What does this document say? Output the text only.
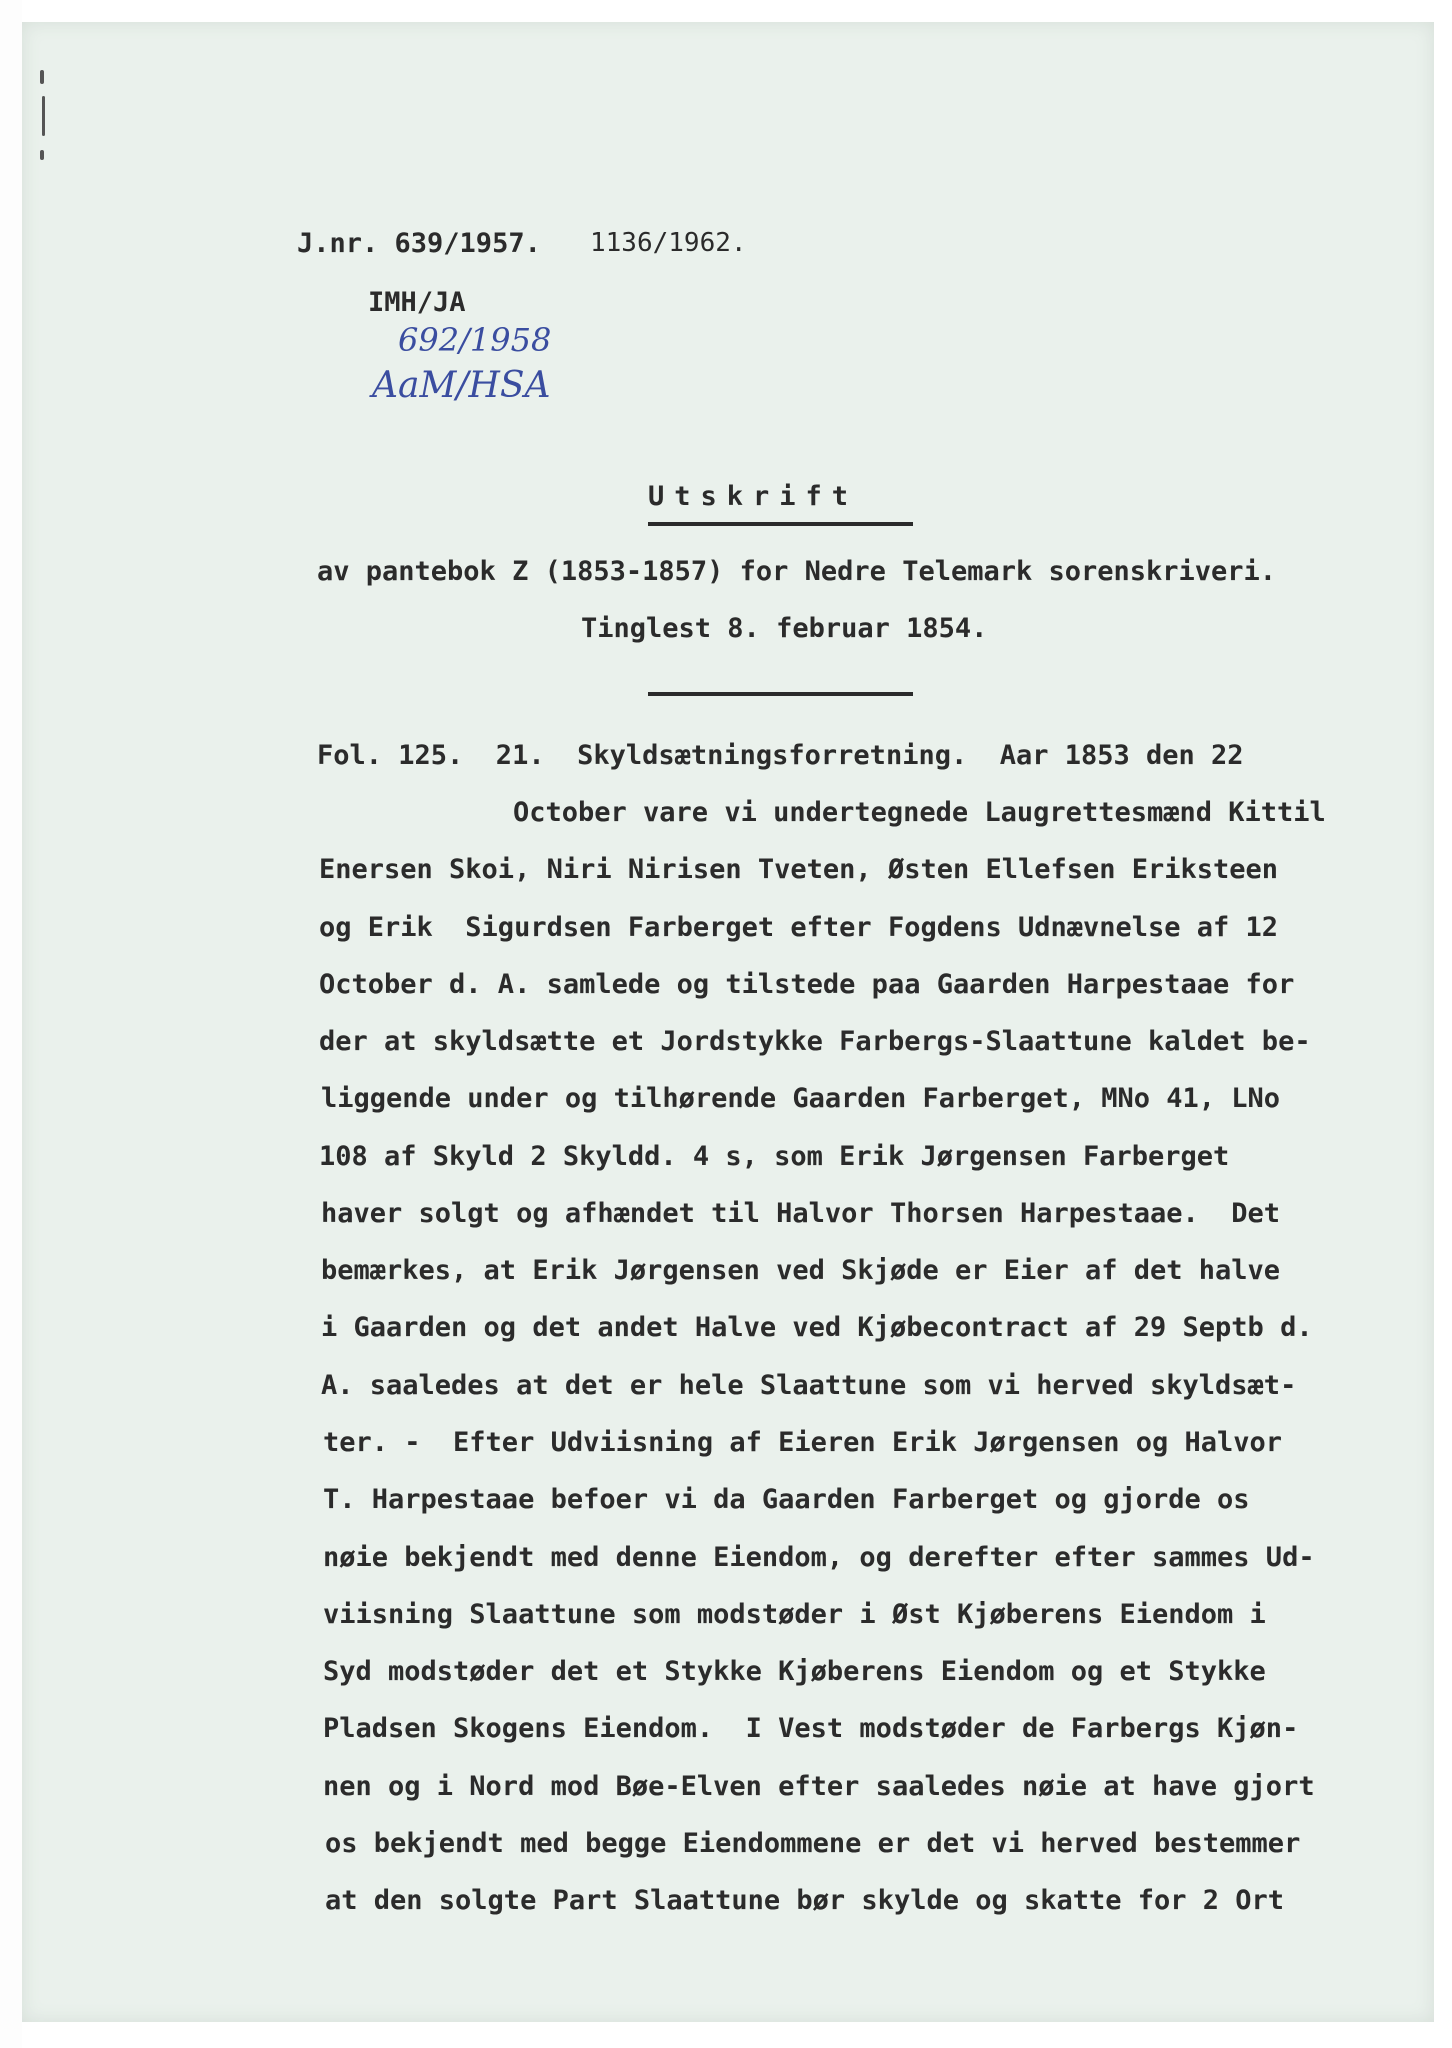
J.nr. 639/1957. 1136/1962.
IMH/JA
692/1958
AaM/HSA
Utskrift
av pantebok Z (1853-1857) for Nedre Telemark sorenskriveri.
Tinglest 8. februar 1854.
Fol. 125.  21.  Skyldsætningsforretning.  Aar 1853 den 22
October vare vi undertegnede Laugrettesmænd Kittil
Enersen Skoi, Niri Nirisen Tveten, Østen Ellefsen Eriksteen
og Erik  Sigurdsen Farberget efter Fogdens Udnævnelse af 12
October d. A. samlede og tilstede paa Gaarden Harpestaae for
der at skyldsætte et Jordstykke Farbergs-Slaattune kaldet be-
liggende under og tilhørende Gaarden Farberget, MNo 41, LNo
108 af Skyld 2 Skyldd. 4 s, som Erik Jørgensen Farberget
haver solgt og afhændet til Halvor Thorsen Harpestaae.  Det
bemærkes, at Erik Jørgensen ved Skjøde er Eier af det halve
i Gaarden og det andet Halve ved Kjøbecontract af 29 Septb d.
A. saaledes at det er hele Slaattune som vi herved skyldsæt-
ter. -  Efter Udviisning af Eieren Erik Jørgensen og Halvor
T. Harpestaae befoer vi da Gaarden Farberget og gjorde os
nøie bekjendt med denne Eiendom, og derefter efter sammes Ud-
viisning Slaattune som modstøder i Øst Kjøberens Eiendom i
Syd modstøder det et Stykke Kjøberens Eiendom og et Stykke
Pladsen Skogens Eiendom.  I Vest modstøder de Farbergs Kjøn-
nen og i Nord mod Bøe-Elven efter saaledes nøie at have gjort
os bekjendt med begge Eiendommene er det vi herved bestemmer
at den solgte Part Slaattune bør skylde og skatte for 2 Ort
